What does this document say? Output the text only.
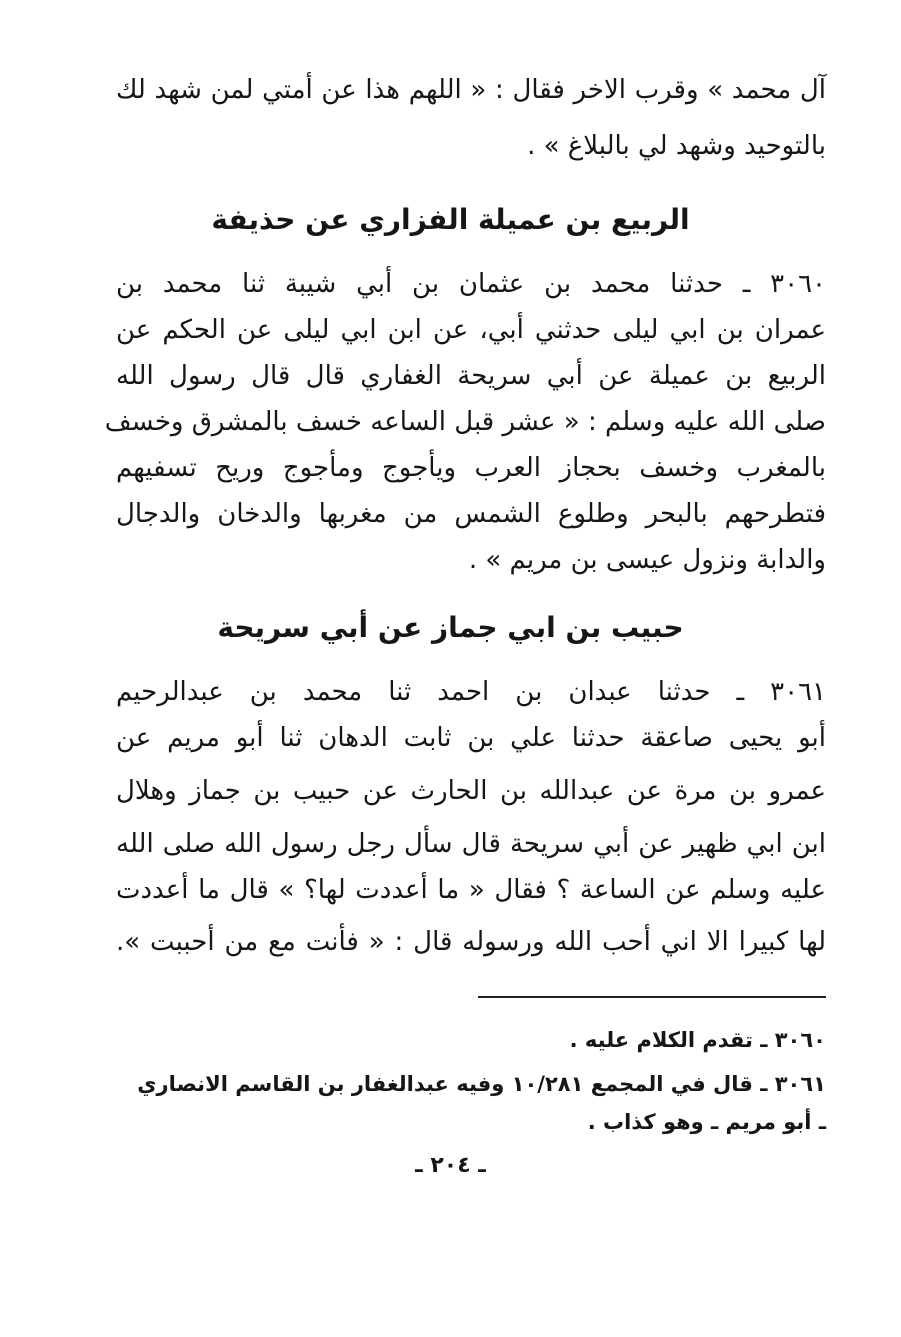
آل محمد » وقرب الاخر فقال : « اللهم هذا عن أمتي لمن شهد لك

بالتوحيد وشهد لي بالبلاغ » .

الربيع بن عميلة الفزاري عن حذيفة

٣٠٦٠ ـ حدثنا محمد بن عثمان بن أبي شيبة ثنا محمد بن

عمران بن ابي ليلى حدثني أبي، عن ابن ابي ليلى عن الحكم عن

الربيع بن عميلة عن أبي سريحة الغفاري قال قال رسول الله

صلى الله عليه وسلم : « عشر قبل الساعه خسف بالمشرق وخسف

بالمغرب وخسف بحجاز العرب ويأجوج ومأجوج وريح تسفيهم

فتطرحهم بالبحر وطلوع الشمس من مغربها والدخان والدجال

والدابة ونزول عيسى بن مريم » .

حبيب بن ابي جماز عن أبي سريحة

٣٠٦١ ـ حدثنا عبدان بن احمد ثنا محمد بن عبدالرحيم

أبو يحيى صاعقة حدثنا علي بن ثابت الدهان ثنا أبو مريم عن

عمرو بن مرة عن عبدالله بن الحارث عن حبيب بن جماز وهلال

ابن ابي ظهير عن أبي سريحة قال سأل رجل رسول الله صلى الله

عليه وسلم عن الساعة ؟ فقال « ما أعددت لها؟ » قال ما أعددت

لها كبيرا الا اني أحب الله ورسوله قال : « فأنت مع من أحببت ».

٣٠٦٠ ـ تقدم الكلام عليه .

٣٠٦١ ـ قال في المجمع ١٠/٢٨١ وفيه عبدالغفار بن القاسم الانصاري

ـ أبو مريم ـ وهو كذاب .

ـ ٢٠٤ ـ
